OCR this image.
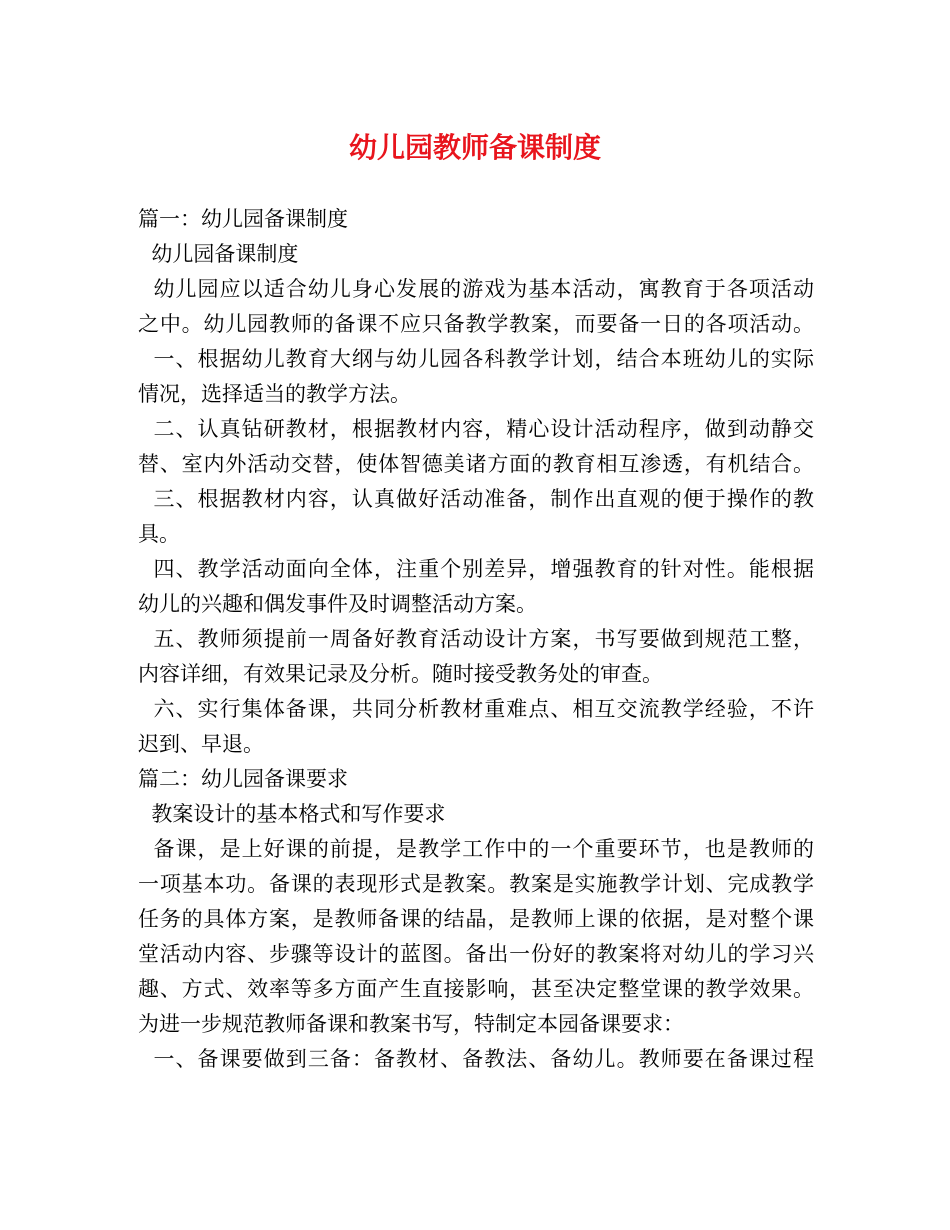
幼儿园教师备课制度
篇一：幼儿园备课制度
幼儿园备课制度
幼儿园应以适合幼儿身心发展的游戏为基本活动，寓教育于各项活动
之中。幼儿园教师的备课不应只备教学教案，而要备一日的各项活动。
一、根据幼儿教育大纲与幼儿园各科教学计划，结合本班幼儿的实际
情况，选择适当的教学方法。
二、认真钻研教材，根据教材内容，精心设计活动程序，做到动静交
替、室内外活动交替，使体智德美诸方面的教育相互渗透，有机结合。
三、根据教材内容，认真做好活动准备，制作出直观的便于操作的教
具。
四、教学活动面向全体，注重个别差异，增强教育的针对性。能根据
幼儿的兴趣和偶发事件及时调整活动方案。
五、教师须提前一周备好教育活动设计方案，书写要做到规范工整，
内容详细，有效果记录及分析。随时接受教务处的审查。
六、实行集体备课，共同分析教材重难点、相互交流教学经验，不许
迟到、早退。
篇二：幼儿园备课要求
教案设计的基本格式和写作要求
备课，是上好课的前提，是教学工作中的一个重要环节，也是教师的
一项基本功。备课的表现形式是教案。教案是实施教学计划、完成教学
任务的具体方案，是教师备课的结晶，是教师上课的依据，是对整个课
堂活动内容、步骤等设计的蓝图。备出一份好的教案将对幼儿的学习兴
趣、方式、效率等多方面产生直接影响，甚至决定整堂课的教学效果。
为进一步规范教师备课和教案书写，特制定本园备课要求：
一、备课要做到三备：备教材、备教法、备幼儿。教师要在备课过程
